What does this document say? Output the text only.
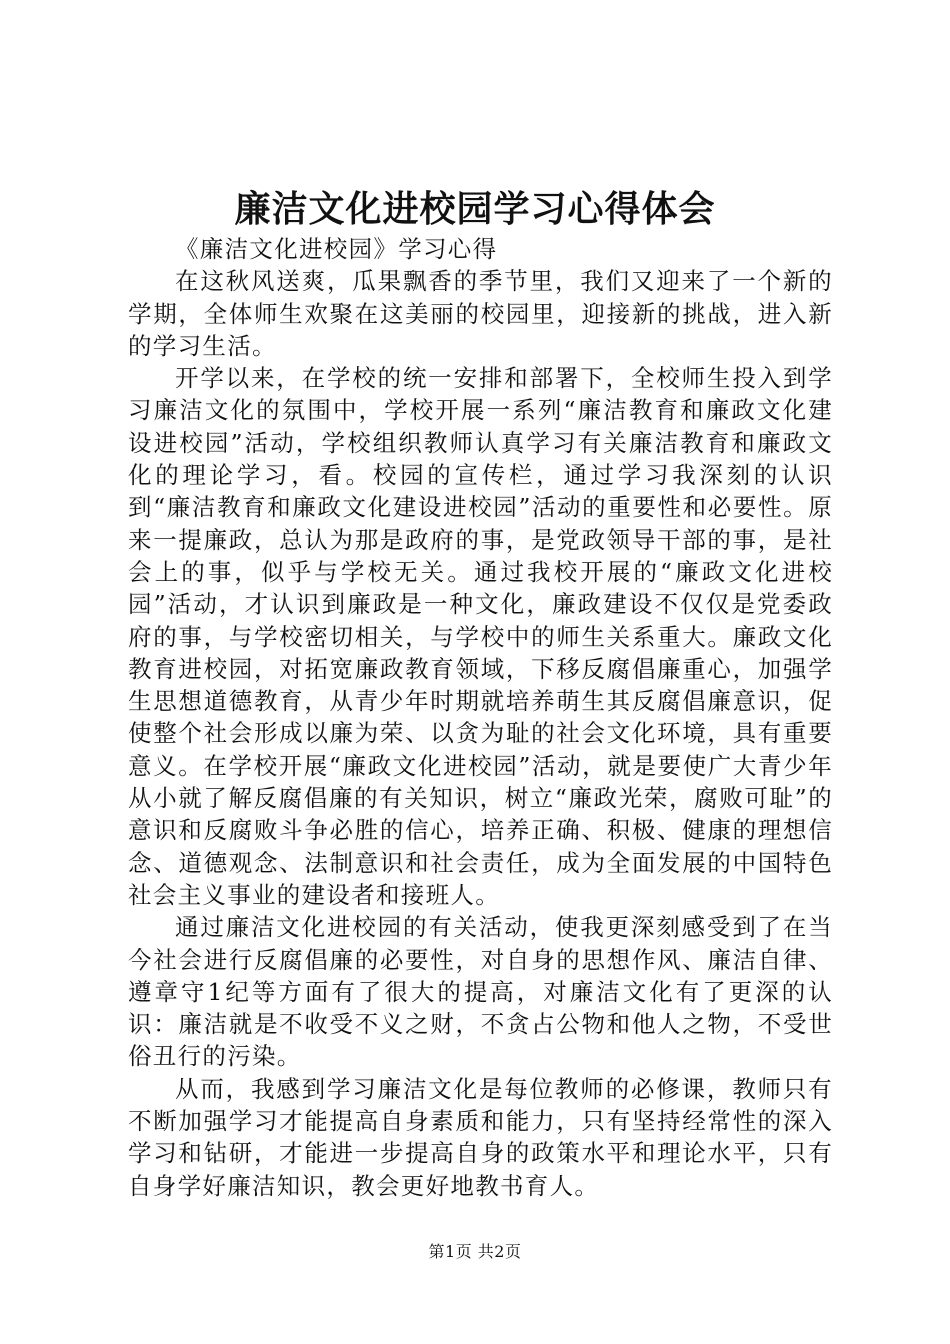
廉洁文化进校园学习心得体会

《廉洁文化进校园》学习心得

在这秋风送爽，瓜果飘香的季节里，我们又迎来了一个新的学期，全体师生欢聚在这美丽的校园里，迎接新的挑战，进入新的学习生活。

开学以来，在学校的统一安排和部署下，全校师生投入到学习廉洁文化的氛围中，学校开展一系列“廉洁教育和廉政文化建设进校园”活动，学校组织教师认真学习有关廉洁教育和廉政文化的理论学习，看。校园的宣传栏，通过学习我深刻的认识到“廉洁教育和廉政文化建设进校园”活动的重要性和必要性。原来一提廉政，总认为那是政府的事，是党政领导干部的事，是社会上的事，似乎与学校无关。通过我校开展的“廉政文化进校园”活动，才认识到廉政是一种文化，廉政建设不仅仅是党委政府的事，与学校密切相关，与学校中的师生关系重大。廉政文化教育进校园，对拓宽廉政教育领域，下移反腐倡廉重心，加强学生思想道德教育，从青少年时期就培养萌生其反腐倡廉意识，促使整个社会形成以廉为荣、以贪为耻的社会文化环境，具有重要意义。在学校开展“廉政文化进校园”活动，就是要使广大青少年从小就了解反腐倡廉的有关知识，树立“廉政光荣，腐败可耻”的意识和反腐败斗争必胜的信心，培养正确、积极、健康的理想信念、道德观念、法制意识和社会责任，成为全面发展的中国特色社会主义事业的建设者和接班人。

通过廉洁文化进校园的有关活动，使我更深刻感受到了在当今社会进行反腐倡廉的必要性，对自身的思想作风、廉洁自律、遵章守1纪等方面有了很大的提高，对廉洁文化有了更深的认识：廉洁就是不收受不义之财，不贪占公物和他人之物，不受世俗丑行的污染。

从而，我感到学习廉洁文化是每位教师的必修课，教师只有不断加强学习才能提高自身素质和能力，只有坚持经常性的深入学习和钻研，才能进一步提高自身的政策水平和理论水平，只有自身学好廉洁知识，教会更好地教书育人。

第1页 共2页
